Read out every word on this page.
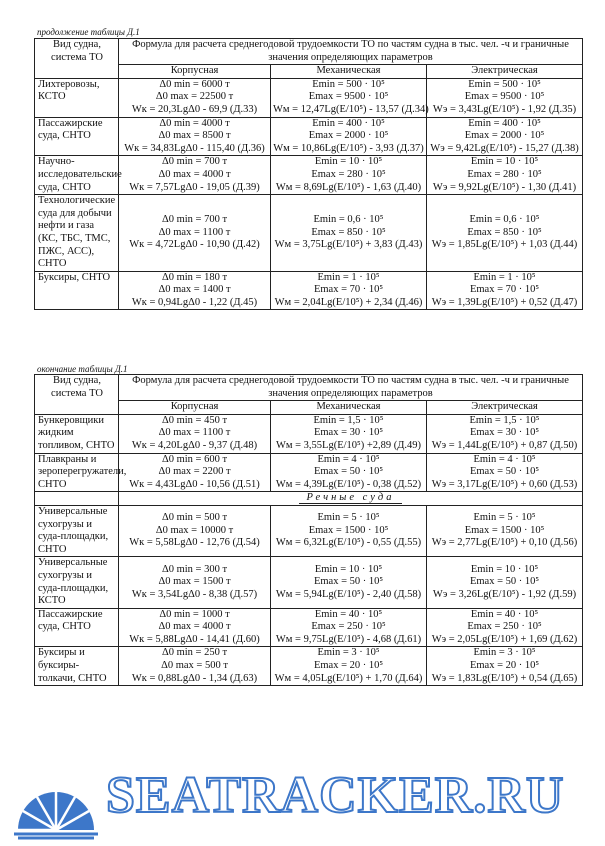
продолжение таблицы Д.1
Вид судна, система ТО	Формула для расчета среднегодовой трудоемкости ТО по частям судна в тыс. чел. -ч и граничные значения определяющих параметров		
	Корпусная	Механическая	Электрическая
Лихтеровозы, КСТО	Δ0 min = 6000 т
Δ0 max = 22500 т
Wк = 20,3LgΔ0 - 69,9 (Д.33)	Emin = 500 · 10⁵
Emax = 9500 · 10⁵
Wм = 12,47Lg(E/10⁵) - 13,57 (Д.34)	Emin = 500 · 10⁵
Emax = 9500 · 10⁵
Wэ = 3,43Lg(E/10⁵) - 1,92 (Д.35)

Пассажирские суда, СНТО	Δ0 min = 4000 т
Δ0 max = 8500 т
Wк = 34,83LgΔ0 - 115,40 (Д.36)	Emin = 400 · 10⁵
Emax = 2000 · 10⁵
Wм = 10,86Lg(E/10⁵) - 3,93 (Д.37)	Emin = 400 · 10⁵
Emax = 2000 · 10⁵
Wэ = 9,42Lg(E/10⁵) - 15,27 (Д.38)

Научно-исследовательские суда, СНТО	Δ0 min = 700 т
Δ0 max = 4000 т
Wк = 7,57LgΔ0 - 19,05 (Д.39)	Emin = 10 · 10⁵
Emax = 280 · 10⁵
Wм = 8,69Lg(E/10⁵) - 1,63 (Д.40)	Emin = 10 · 10⁵
Emax = 280 · 10⁵
Wэ = 9,92Lg(E/10⁵) - 1,30 (Д.41)

Технологические суда для добычи нефти и газа (КС, ТБС, ТМС, ПЖС, АСС), СНТО	Δ0 min = 700 т
Δ0 max = 1100 т
Wк = 4,72LgΔ0 - 10,90 (Д.42)	Emin = 0,6 · 10⁵
Emax = 850 · 10⁵
Wм = 3,75Lg(E/10⁵) + 3,83 (Д.43)	Emin = 0,6 · 10⁵
Emax = 850 · 10⁵
Wэ = 1,85Lg(E/10⁵) + 1,03 (Д.44)

Буксиры, СНТО	Δ0 min = 180 т
Δ0 max = 1400 т
Wк = 0,94LgΔ0 - 1,22 (Д.45)	Emin = 1 · 10⁵
Emax = 70 · 10⁵
Wм = 2,04Lg(E/10⁵) + 2,34 (Д.46)	Emin = 1 · 10⁵
Emax = 70 · 10⁵
Wэ = 1,39Lg(E/10⁵) + 0,52 (Д.47)
окончание таблицы Д.1
Вид судна, система ТО	Формула для расчета среднегодовой трудоемкости ТО по частям судна в тыс. чел. -ч и граничные значения определяющих параметров		
	Корпусная	Механическая	Электрическая
Бункеровщики жидким топливом, СНТО	Δ0 min = 450 т
Δ0 max = 1100 т
Wк = 4,20LgΔ0 - 9,37 (Д.48)	Emin = 1,5 · 10⁵
Emax = 30 · 10⁵
Wм = 3,55Lg(E/10⁵) +2,89 (Д.49)	Emin = 1,5 · 10⁵
Emax = 30 · 10⁵
Wэ = 1,44Lg(E/10⁵) + 0,87 (Д.50)

Плавкраны и зероперегружатели, СНТО	Δ0 min = 600 т
Δ0 max = 2200 т
Wк = 4,43LgΔ0 - 10,56 (Д.51)	Emin = 4 · 10⁵
Emax = 50 · 10⁵
Wм = 4,39Lg(E/10⁵) - 0,38 (Д.52)	Emin = 4 · 10⁵
Emax = 50 · 10⁵
Wэ = 3,17Lg(E/10⁵) + 0,60 (Д.53)

	Речные суда		
Универсальные сухогрузы и суда-площадки, СНТО	Δ0 min = 500 т
Δ0 max = 10000 т
Wк = 5,58LgΔ0 - 12,76 (Д.54)	Emin = 5 · 10⁵
Emax = 1500 · 10⁵
Wм = 6,32Lg(E/10⁵) - 0,55 (Д.55)	Emin = 5 · 10⁵
Emax = 1500 · 10⁵
Wэ = 2,77Lg(E/10⁵) + 0,10 (Д.56)

Универсальные сухогрузы и суда-площадки, КСТО	Δ0 min = 300 т
Δ0 max = 1500 т
Wк = 3,54LgΔ0 - 8,38 (Д.57)	Emin = 10 · 10⁵
Emax = 50 · 10⁵
Wм = 5,94Lg(E/10⁵) - 2,40 (Д.58)	Emin = 10 · 10⁵
Emax = 50 · 10⁵
Wэ = 3,26Lg(E/10⁵) - 1,92 (Д.59)

Пассажирские суда, СНТО	Δ0 min = 1000 т
Δ0 max = 4000 т
Wк = 5,88LgΔ0 - 14,41 (Д.60)	Emin = 40 · 10⁵
Emax = 250 · 10⁵
Wм = 9,75Lg(E/10⁵) - 4,68 (Д.61)	Emin = 40 · 10⁵
Emax = 250 · 10⁵
Wэ = 2,05Lg(E/10⁵) + 1,69 (Д.62)

Буксиры и буксиры-толкачи, СНТО	Δ0 min = 250 т
Δ0 max = 500 т
Wк = 0,88LgΔ0 - 1,34 (Д.63)	Emin = 3 · 10⁵
Emax = 20 · 10⁵
Wм = 4,05Lg(E/10⁵) + 1,70 (Д.64)	Emin = 3 · 10⁵
Emax = 20 · 10⁵
Wэ = 1,83Lg(E/10⁵) + 0,54 (Д.65)
SEATRACKER.RU
